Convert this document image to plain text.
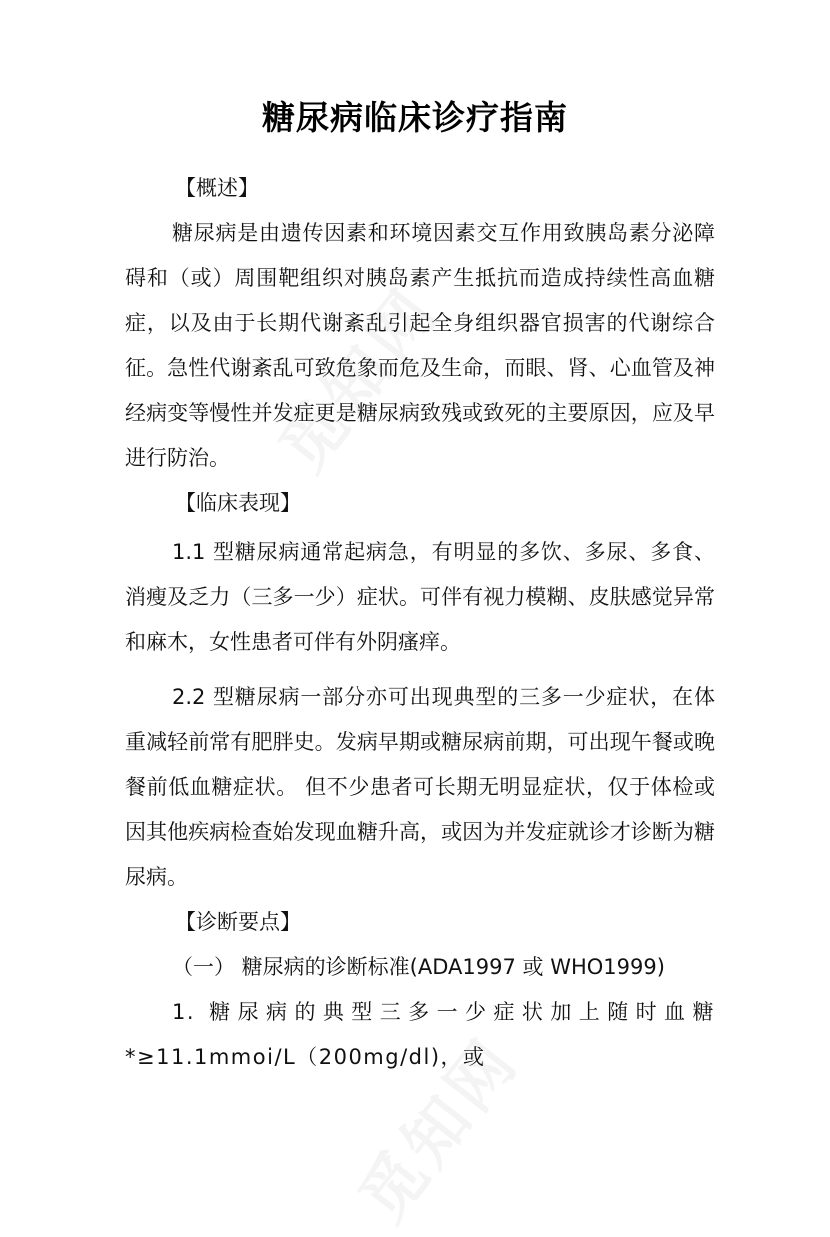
糖尿病临床诊疗指南

【概述】

糖尿病是由遗传因素和环境因素交互作用致胰岛素分泌障碍和（或）周围靶组织对胰岛素产生抵抗而造成持续性高血糖症，以及由于长期代谢紊乱引起全身组织器官损害的代谢综合征。急性代谢紊乱可致危象而危及生命，而眼、肾、心血管及神经病变等慢性并发症更是糖尿病致残或致死的主要原因，应及早进行防治。

【临床表现】

1.1 型糖尿病通常起病急，有明显的多饮、多尿、多食、消瘦及乏力（三多一少）症状。可伴有视力模糊、皮肤感觉异常和麻木，女性患者可伴有外阴瘙痒。

2.2 型糖尿病一部分亦可出现典型的三多一少症状，在体重减轻前常有肥胖史。发病早期或糖尿病前期，可出现午餐或晚餐前低血糖症状。 但不少患者可长期无明显症状，仅于体检或因其他疾病检查始发现血糖升高，或因为并发症就诊才诊断为糖尿病。

【诊断要点】

（一） 糖尿病的诊断标准(ADA1997 或 WHO1999)

1. 糖尿病的典型三多一少症状加上随时血糖*≥11.1mmoi/L（200mg/dl)，或
